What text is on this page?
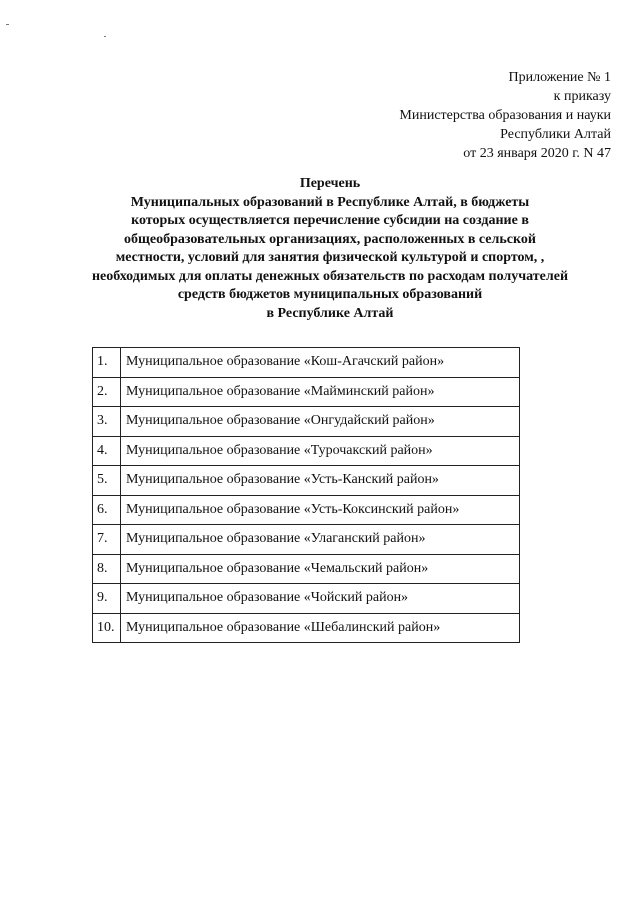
Приложение № 1
к приказу
Министерства образования и науки
Республики Алтай
от 23 января 2020 г. N 47
Перечень
Муниципальных образований в Республике Алтай, в бюджеты
которых осуществляется перечисление субсидии на создание в
общеобразовательных организациях, расположенных в сельской
местности, условий для занятия физической культурой и спортом, ,
необходимых для оплаты денежных обязательств по расходам получателей
средств бюджетов муниципальных образований
в Республике Алтай
1.	Муниципальное образование «Кош-Агачский район»
2.	Муниципальное образование «Майминский район»
3.	Муниципальное образование «Онгудайский район»
4.	Муниципальное образование «Турочакский район»
5.	Муниципальное образование «Усть-Канский район»
6.	Муниципальное образование «Усть-Коксинский район»
7.	Муниципальное образование «Улаганский район»
8.	Муниципальное образование «Чемальский район»
9.	Муниципальное образование «Чойский район»
10.	Муниципальное образование «Шебалинский район»
